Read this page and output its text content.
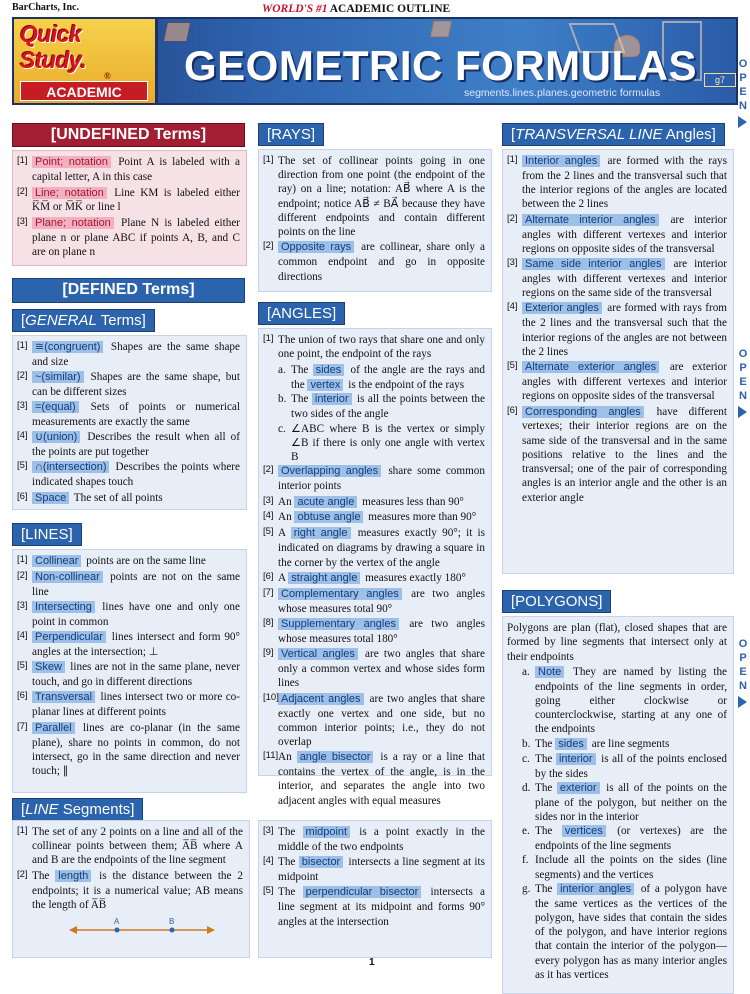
BarCharts, Inc.	WORLD'S #1 ACADEMIC OUTLINE
Quick
Study.
®
ACADEMIC
GEOMETRIC FORMULAS
segments.lines.planes.geometric formulas
g7
O
P
E
N
O
P
E
N
O
P
E
N
[UNDEFINED Terms]
[1] Point; notation Point A is labeled with a capital letter, A in this case
[2] Line; notation Line KM is labeled either K̅M̅ or M̅K̅ or line l
[3] Plane; notation Plane N is labeled either plane n or plane ABC if points A, B, and C are on plane n
[DEFINED Terms] [GENERAL Terms]
[1] ≅(congruent) Shapes are the same shape and size
[2] ~(similar) Shapes are the same shape, but can be different sizes
[3] =(equal) Sets of points or numerical measurements are exactly the same
[4] ∪(union) Describes the result when all of the points are put together
[5] ∩(intersection) Describes the points where indicated shapes touch
[6] Space The set of all points
[LINES]
[1] Collinear points are on the same line
[2] Non-collinear points are not on the same line
[3] Intersecting lines have one and only one point in common
[4] Perpendicular lines intersect and form 90° angles at the intersection; ⊥
[5] Skew lines are not in the same plane, never touch, and go in different directions
[6] Transversal lines intersect two or more co-planar lines at different points
[7] Parallel lines are co-planar (in the same plane), share no points in common, do not intersect, go in the same direction and never touch; ∥
[LINE Segments]
[1] The set of any 2 points on a line and all of the collinear points between them; A̅B̅ where A and B are the endpoints of the line segment
[2] The length is the distance between the 2 endpoints; it is a numerical value; AB means the length of A̅B̅
A	B
[3] The midpoint is a point exactly in the middle of the two endpoints
[4] The bisector intersects a line segment at its midpoint
[5] The perpendicular bisector intersects a line segment at its midpoint and forms 90° angles at the intersection
[RAYS]
[1] The set of collinear points going in one direction from one point (the endpoint of the ray) on a line; notation: AB⃗ where A is the endpoint; notice AB⃗ ≠ BA⃗ because they have different endpoints and contain different points on the line
[2] Opposite rays are collinear, share only a common endpoint and go in opposite directions
[ANGLES]
[1] The union of two rays that share one and only one point, the endpoint of the rays
a. The sides of the angle are the rays and the vertex is the endpoint of the rays
b. The interior is all the points between the two sides of the angle
c. ∠ABC where B is the vertex or simply ∠B if there is only one angle with vertex B
[2] Overlapping angles share some common interior points
[3] An acute angle measures less than 90°
[4] An obtuse angle measures more than 90°
[5] A right angle measures exactly 90°; it is indicated on diagrams by drawing a square in the corner by the vertex of the angle
[6] A straight angle measures exactly 180°
[7] Complementary angles are two angles whose measures total 90°
[8] Supplementary angles are two angles whose measures total 180°
[9] Vertical angles are two angles that share only a common vertex and whose sides form lines
[10] Adjacent angles are two angles that share exactly one vertex and one side, but no common interior points; i.e., they do not overlap
[11] An angle bisector is a ray or a line that contains the vertex of the angle, is in the interior, and separates the angle into two adjacent angles with equal measures
[TRANSVERSAL LINE Angles]
[1] Interior angles are formed with the rays from the 2 lines and the transversal such that the interior regions of the angles are located between the 2 lines
[2] Alternate interior angles are interior angles with different vertexes and interior regions on opposite sides of the transversal
[3] Same side interior angles are interior angles with different vertexes and interior regions on the same side of the transversal
[4] Exterior angles are formed with rays from the 2 lines and the transversal such that the interior regions of the angles are not between the 2 lines
[5] Alternate exterior angles are exterior angles with different vertexes and interior regions on opposite sides of the transversal
[6] Corresponding angles have different vertexes; their interior regions are on the same side of the transversal and in the same positions relative to the lines and the transversal; one of the pair of corresponding angles is an interior angle and the other is an exterior angle
[POLYGONS]
Polygons are plan (flat), closed shapes that are formed by line segments that intersect only at their endpoints
a. Note They are named by listing the endpoints of the line segments in order, going either clockwise or counterclockwise, starting at any one of the endpoints
b. The sides are line segments
c. The interior is all of the points enclosed by the sides
d. The exterior is all of the points on the plane of the polygon, but neither on the sides nor in the interior
e. The vertices (or vertexes) are the endpoints of the line segments
f. Include all the points on the sides (line segments) and the vertices
g. The interior angles of a polygon have the same vertices as the vertices of the polygon, have sides that contain the sides of the polygon, and have interior regions that contain the interior of the polygon—every polygon has as many interior angles as it has vertices
1
